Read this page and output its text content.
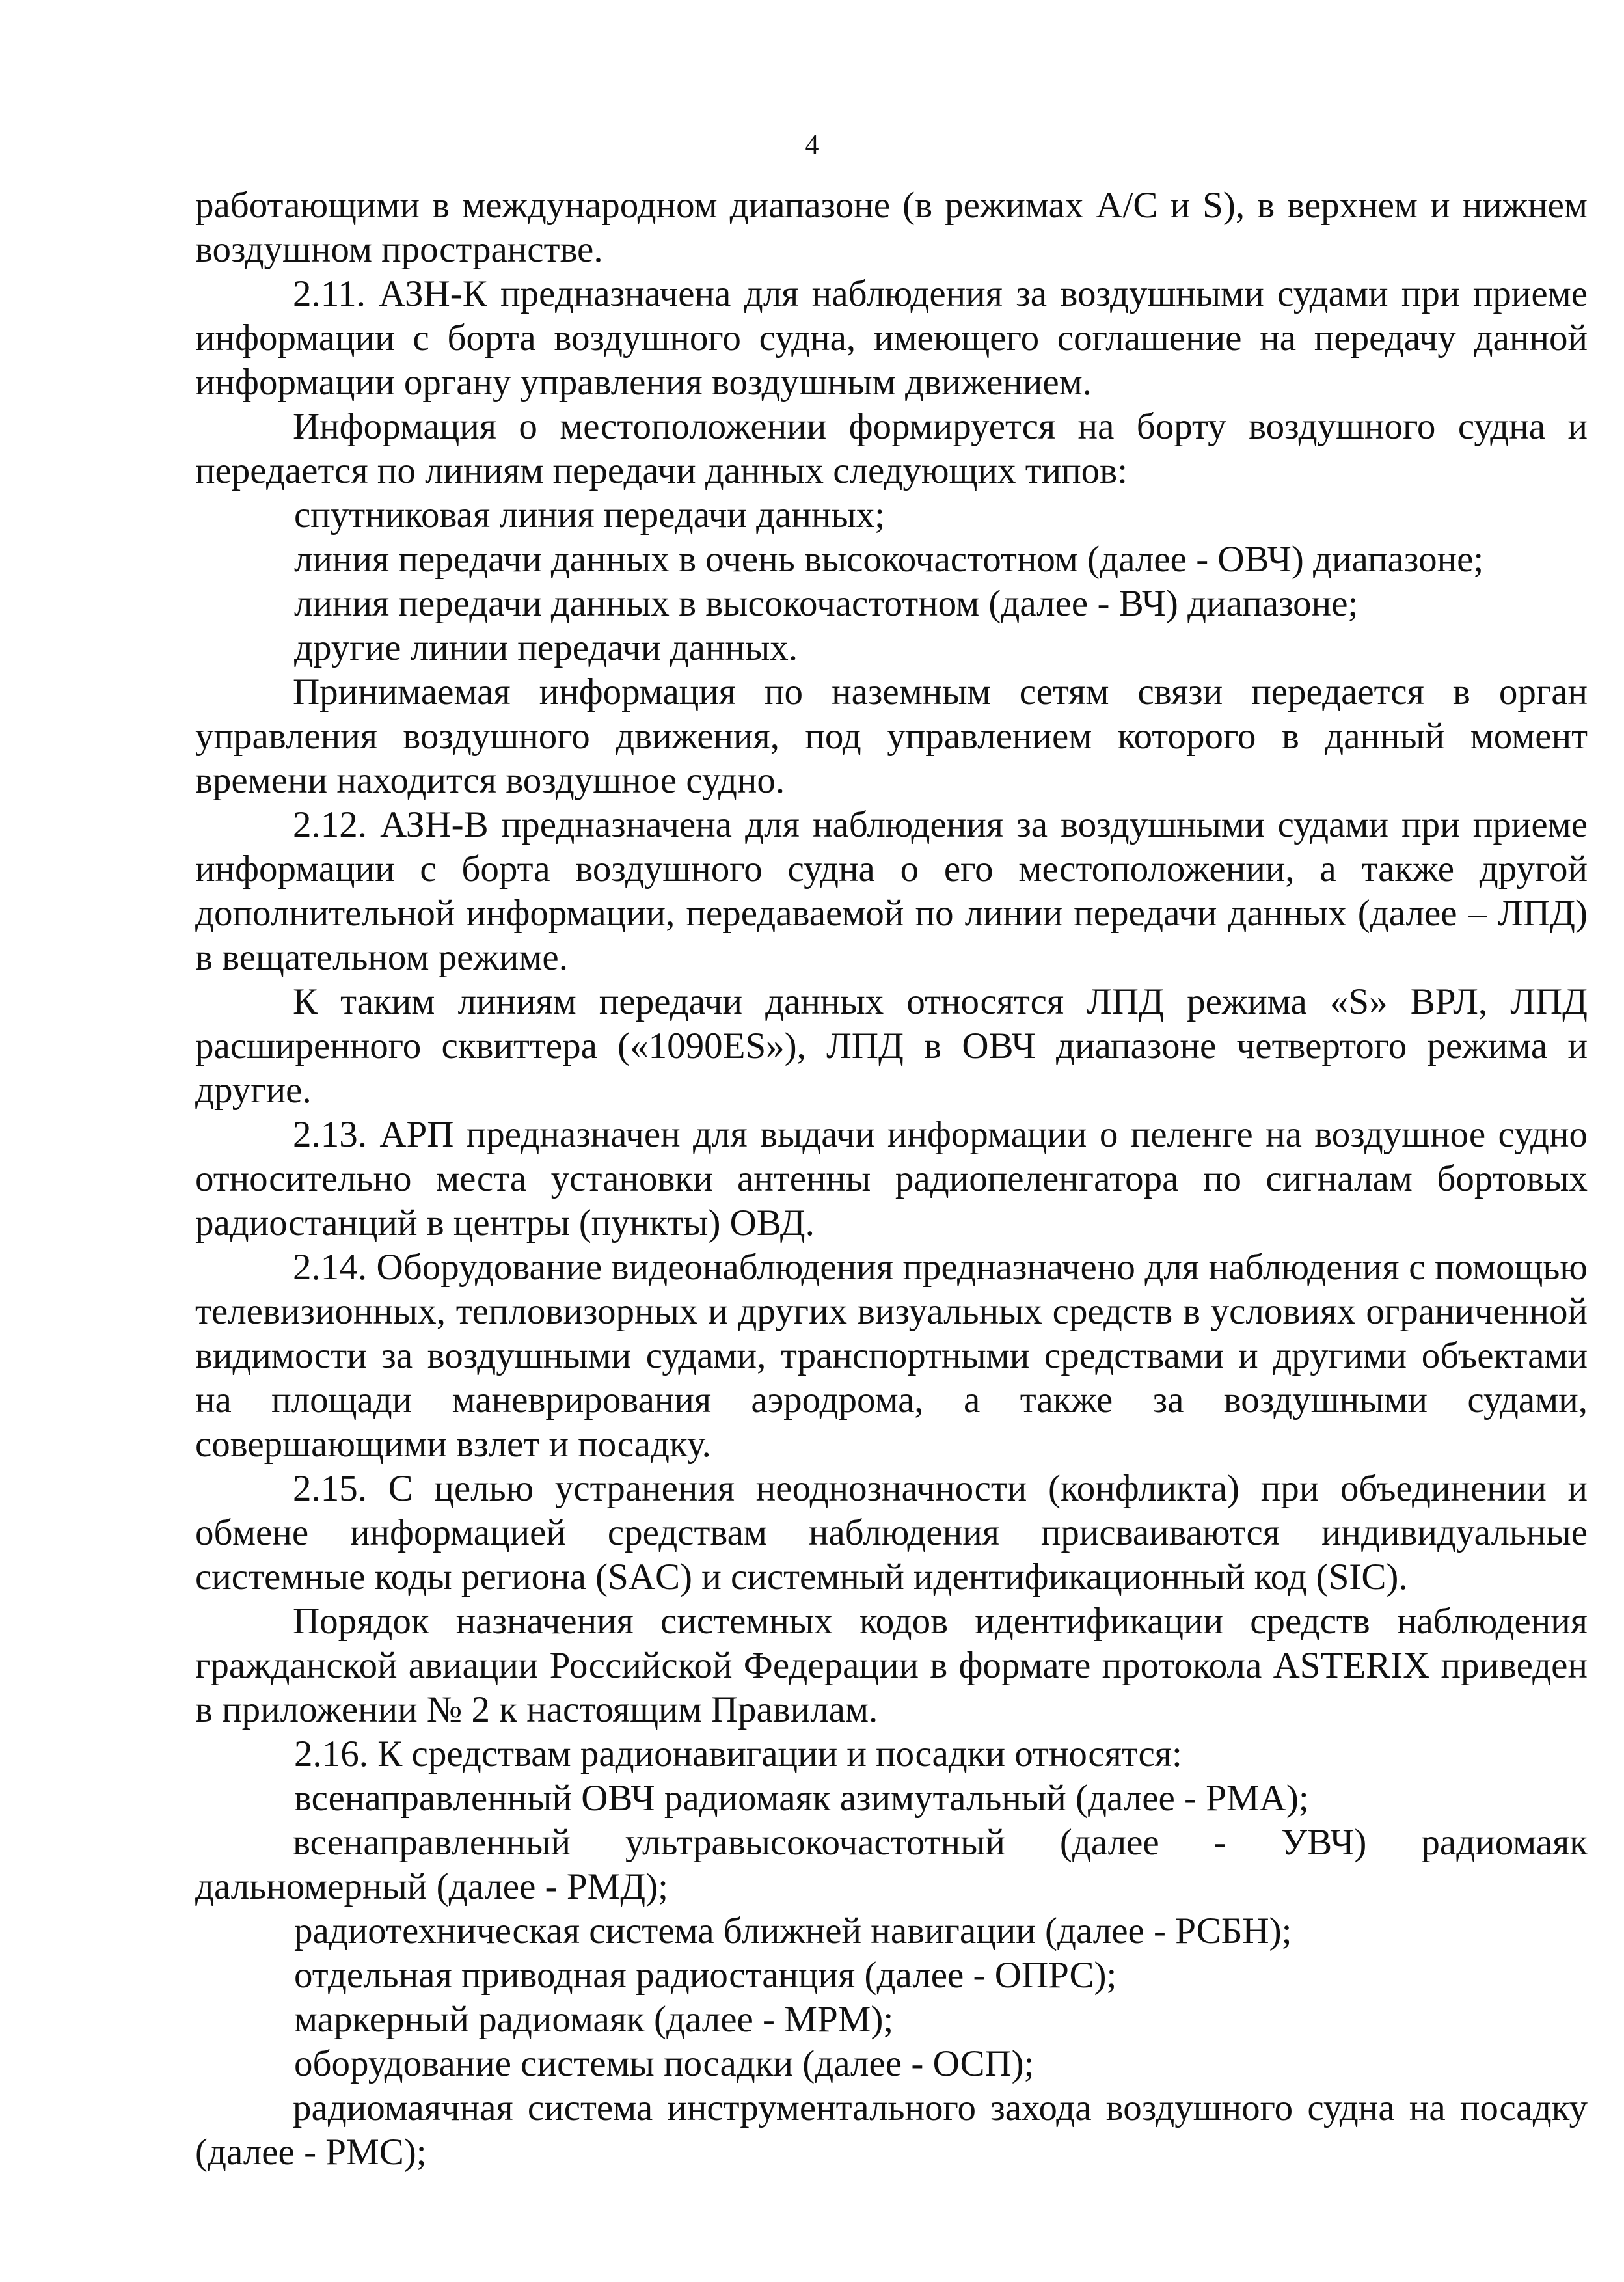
4

работающими в международном диапазоне (в режимах A/C и S), в верхнем и нижнем воздушном пространстве.

2.11. АЗН-К предназначена для наблюдения за воздушными судами при приеме информации с борта воздушного судна, имеющего соглашение на передачу данной информации органу управления воздушным движением.

Информация о местоположении формируется на борту воздушного судна и передается по линиям передачи данных следующих типов:

спутниковая линия передачи данных;

линия передачи данных в очень высокочастотном (далее - ОВЧ) диапазоне;

линия передачи данных в высокочастотном (далее - ВЧ) диапазоне;

другие линии передачи данных.

Принимаемая информация по наземным сетям связи передается в орган управления воздушного движения, под управлением которого в данный момент времени находится воздушное судно.

2.12. АЗН-В предназначена для наблюдения за воздушными судами при приеме информации с борта воздушного судна о его местоположении, а также другой дополнительной информации, передаваемой по линии передачи данных (далее – ЛПД) в вещательном режиме.

К таким линиям передачи данных относятся ЛПД режима «S» ВРЛ, ЛПД расширенного сквиттера («1090ES»), ЛПД в ОВЧ диапазоне четвертого режима и другие.

2.13. АРП предназначен для выдачи информации о пеленге на воздушное судно относительно места установки антенны радиопеленгатора по сигналам бортовых радиостанций в центры (пункты) ОВД.

2.14. Оборудование видеонаблюдения предназначено для наблюдения с помощью телевизионных, тепловизорных и других визуальных средств в условиях ограниченной видимости за воздушными судами, транспортными средствами и другими объектами на площади маневрирования аэродрома, а также за воздушными судами, совершающими взлет и посадку.

2.15. С целью устранения неоднозначности (конфликта) при объединении и обмене информацией средствам наблюдения присваиваются индивидуальные системные коды региона (SAC) и системный идентификационный код (SIC).

Порядок назначения системных кодов идентификации средств наблюдения гражданской авиации Российской Федерации в формате протокола ASTERIX приведен в приложении № 2 к настоящим Правилам.

2.16. К средствам радионавигации и посадки относятся:

всенаправленный ОВЧ радиомаяк азимутальный (далее - РМА);

всенаправленный ультравысокочастотный (далее - УВЧ) радиомаяк дальномерный (далее - РМД);

радиотехническая система ближней навигации (далее - РСБН);

отдельная приводная радиостанция (далее - ОПРС);

маркерный радиомаяк (далее - МРМ);

оборудование системы посадки (далее - ОСП);

радиомаячная система инструментального захода воздушного судна на посадку (далее - РМС);
